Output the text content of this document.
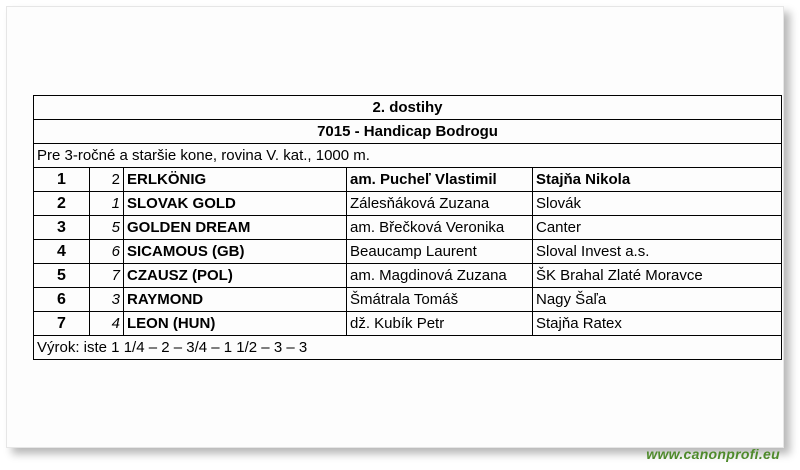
2. dostihy				
7015 - Handicap Bodrogu				
Pre 3-ročné a staršie kone, rovina V. kat., 1000 m.				
1	2	ERLKÖNIG	am. Pucheľ Vlastimil	Stajňa Nikola
2	1	SLOVAK GOLD	Zálesňáková Zuzana	Slovák
3	5	GOLDEN DREAM	am. Břečková Veronika	Canter
4	6	SICAMOUS (GB)	Beaucamp Laurent	Sloval Invest a.s.
5	7	CZAUSZ (POL)	am. Magdinová Zuzana	ŠK Brahal Zlaté Moravce
6	3	RAYMOND	Šmátrala Tomáš	Nagy Šaľa
7	4	LEON (HUN)	dž. Kubík Petr	Stajňa Ratex
Výrok: iste 1 1/4 – 2 – 3/4 – 1 1/2 – 3 – 3				
www.canonprofi.eu
